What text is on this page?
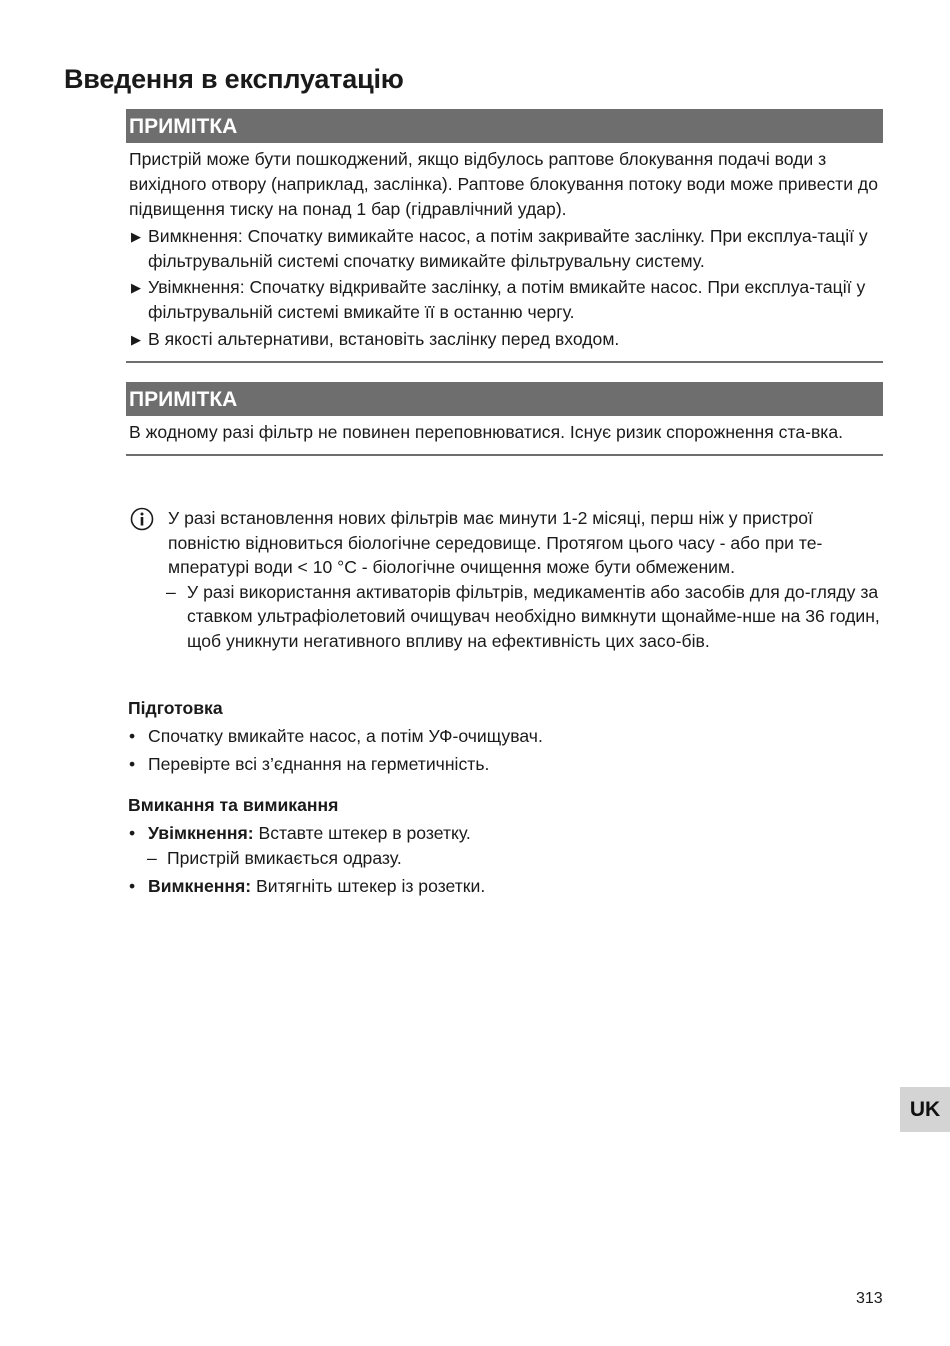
Введення в експлуатацію
ПРИМІТКА

Пристрій може бути пошкоджений, якщо відбулось раптове блокування подачі води з вихідного отвору (наприклад, заслінка). Раптове блокування потоку води може привести до підвищення тиску на понад 1 бар (гідравлічний удар).

▶ Вимкнення: Спочатку вимикайте насос, а потім закривайте заслінку. При експлуа-тації у фільтрувальній системі спочатку вимикайте фільтрувальну систему.
▶ Увімкнення: Спочатку відкривайте заслінку, а потім вмикайте насос. При експлуа-тації у фільтрувальній системі вмикайте її в останню чергу.
▶ В якості альтернативи, встановіть заслінку перед входом.
ПРИМІТКА

В жодному разі фільтр не повинен переповнюватися. Існує ризик спорожнення ста-вка.

У разі встановлення нових фільтрів має минути 1-2 місяці, перш ніж у пристрої повністю відновиться біологічне середовище. Протягом цього часу - або при те-мпературі води < 10 °C - біологічне очищення може бути обмеженим.

– У разі використання активаторів фільтрів, медикаментів або засобів для до-гляду за ставком ультрафіолетовий очищувач необхідно вимкнути щонайме-нше на 36 годин, щоб уникнути негативного впливу на ефективність цих засо-бів.

Підготовка

• Спочатку вмикайте насос, а потім УФ-очищувач.
• Перевірте всі з’єднання на герметичність.

Вмикання та вимикання

• Увімкнення: Вставте штекер в розетку.
– Пристрій вмикається одразу.
• Вимкнення: Витягніть штекер із розетки.
UK
313
